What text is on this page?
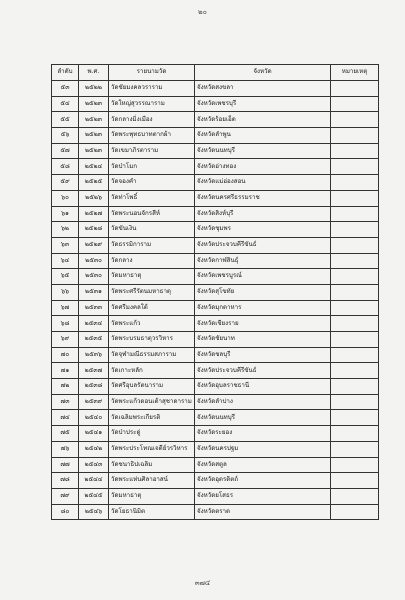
๒๐
ลำดับ	พ.ศ.	รายนามวัด	จังหวัด	หมายเหตุ
๕๓	๒๕๒๒	วัดชัยมงคลวราราม	จังหวัดสงขลา	
๕๔	๒๕๒๓	วัดใหญ่สุวรรณาราม	จังหวัดเพชรบุรี	
๕๕	๒๕๒๓	วัดกลางมิ่งเมือง	จังหวัดร้อยเอ็ด	
๕๖	๒๕๒๓	วัดพระพุทธบาทตากผ้า	จังหวัดลำพูน	
๕๗	๒๕๒๓	วัดเขมาภิรตาราม	จังหวัดนนทบุรี	
๕๘	๒๕๒๔	วัดป่าโมก	จังหวัดอ่างทอง	
๕๙	๒๕๒๕	วัดจองคำ	จังหวัดแม่ฮ่องสอน	
๖๐	๒๕๒๖	วัดท่าโพธิ์	จังหวัดนครศรีธรรมราช	
๖๑	๒๕๒๗	วัดพระนอนจักรสีห์	จังหวัดสิงห์บุรี	
๖๒	๒๕๒๘	วัดขันเงิน	จังหวัดชุมพร	
๖๓	๒๕๒๙	วัดธรรมิการาม	จังหวัดประจวบคีรีขันธ์	
๖๔	๒๕๓๐	วัดกลาง	จังหวัดกาฬสินธุ์	
๖๕	๒๕๓๐	วัดมหาธาตุ	จังหวัดเพชรบูรณ์	
๖๖	๒๕๓๑	วัดพระศรีรัตนมหาธาตุ	จังหวัดสุโขทัย	
๖๗	๒๕๓๓	วัดศรีมงคลใต้	จังหวัดมุกดาหาร	
๖๘	๒๕๓๔	วัดพระแก้ว	จังหวัดเชียงราย	
๖๙	๒๕๓๕	วัดพระบรมธาตุวรวิหาร	จังหวัดชัยนาท	
๗๐	๒๕๓๖	วัดจุฬามณีธรรมสภาราม	จังหวัดชลบุรี	
๗๑	๒๕๓๗	วัดเกาะหลัก	จังหวัดประจวบคีรีขันธ์	
๗๒	๒๕๓๘	วัดศรีอุบลรัตนาราม	จังหวัดอุบลราชธานี	
๗๓	๒๕๓๙	วัดพระแก้วดอนเต้าสุชาดาราม	จังหวัดลำปาง	
๗๔	๒๕๔๐	วัดเฉลิมพระเกียรติ	จังหวัดนนทบุรี	
๗๕	๒๕๔๑	วัดป่าประดู่	จังหวัดระยอง	
๗๖	๒๕๔๒	วัดพระประโทณเจดีย์วรวิหาร	จังหวัดนครปฐม	
๗๗	๒๕๔๓	วัดชนาธิปเฉลิม	จังหวัดสตูล	
๗๘	๒๕๔๔	วัดพระแท่นศิลาอาสน์	จังหวัดอุตรดิตถ์	
๗๙	๒๕๔๕	วัดมหาธาตุ	จังหวัดยโสธร	
๘๐	๒๕๔๖	วัดโยธานิมิต	จังหวัดตราด	
๓๗๔
